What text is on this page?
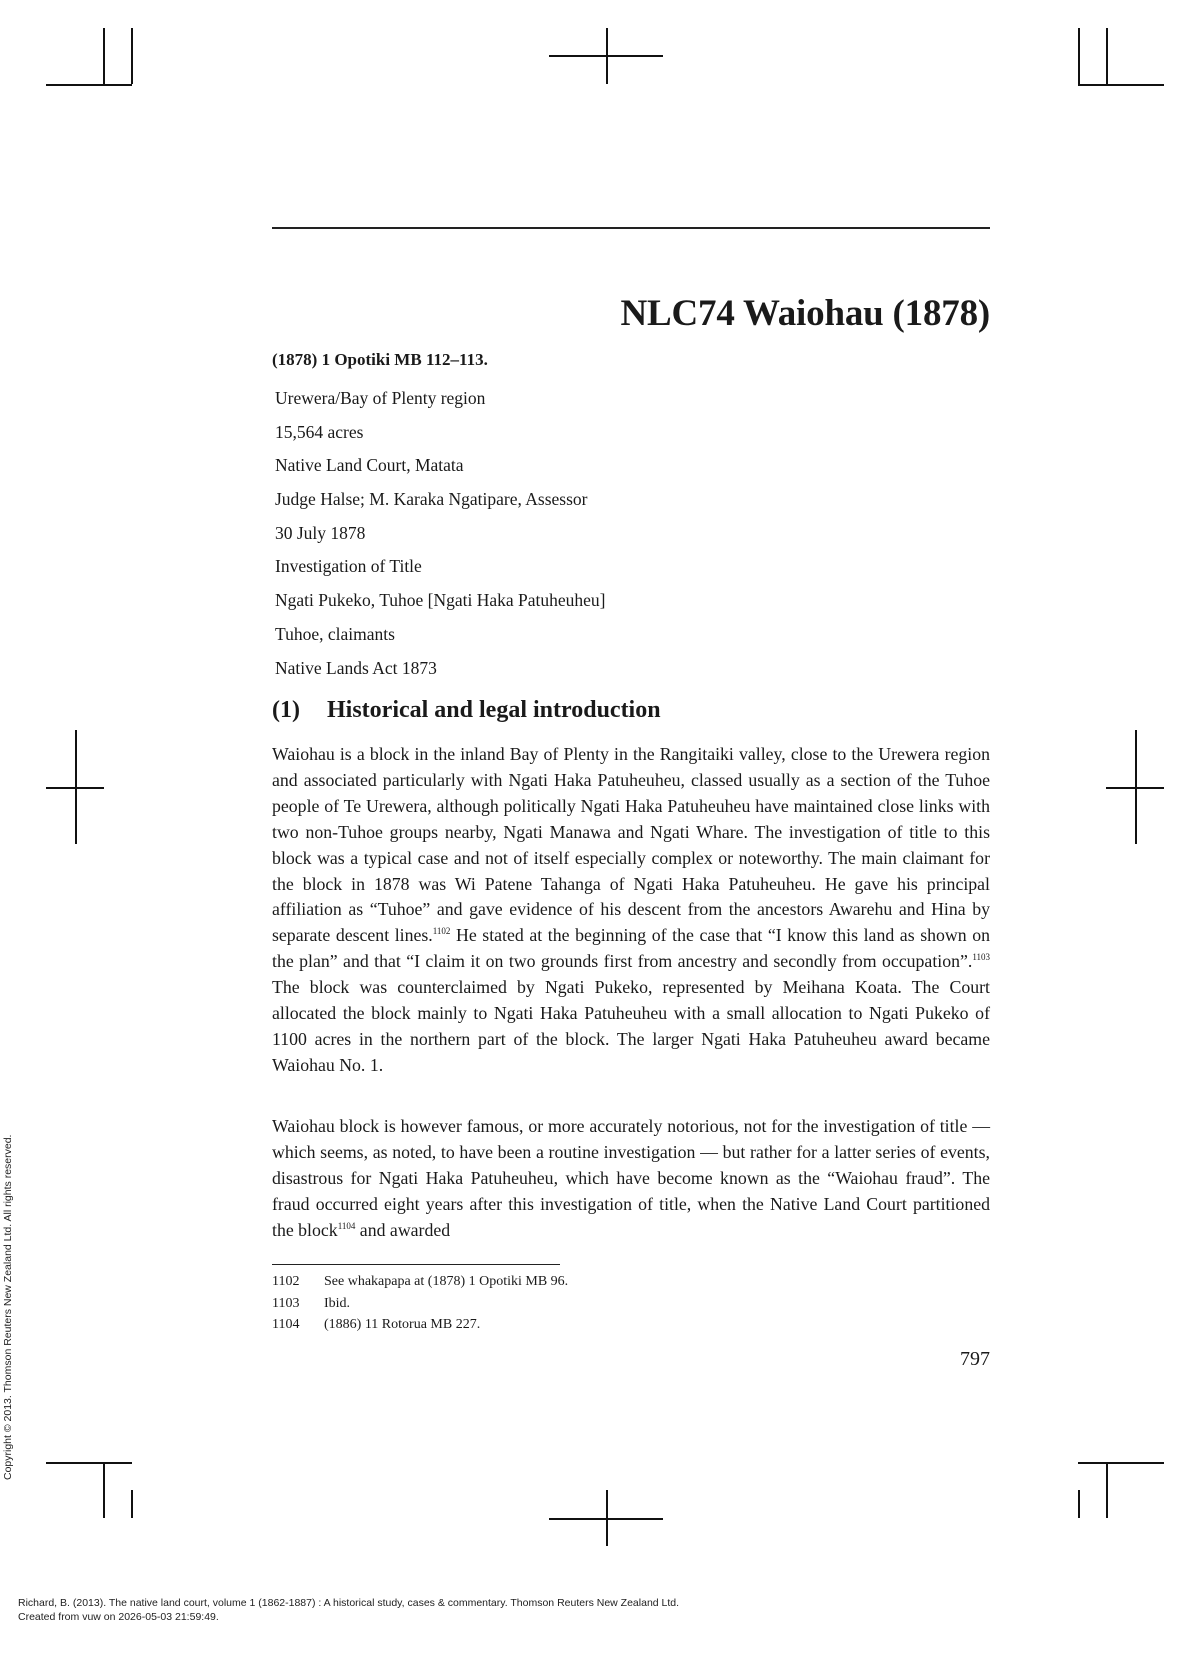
NLC74 Waiohau (1878)
(1878) 1 Opotiki MB 112–113.
Urewera/Bay of Plenty region
15,564 acres
Native Land Court, Matata
Judge Halse; M. Karaka Ngatipare, Assessor
30 July 1878
Investigation of Title
Ngati Pukeko, Tuhoe [Ngati Haka Patuheuheu]
Tuhoe, claimants
Native Lands Act 1873
(1) Historical and legal introduction

Waiohau is a block in the inland Bay of Plenty in the Rangitaiki valley, close to the Urewera region and associated particularly with Ngati Haka Patuheuheu, classed usually as a section of the Tuhoe people of Te Urewera, although politically Ngati Haka Patuheuheu have maintained close links with two non-Tuhoe groups nearby, Ngati Manawa and Ngati Whare. The investigation of title to this block was a typical case and not of itself especially complex or noteworthy. The main claimant for the block in 1878 was Wi Patene Tahanga of Ngati Haka Patuheuheu. He gave his principal affiliation as “Tuhoe” and gave evidence of his descent from the ancestors Awarehu and Hina by separate descent lines.$^{1102}$ He stated at the beginning of the case that “I know this land as shown on the plan” and that “I claim it on two grounds first from ancestry and secondly from occupation”.$^{1103}$ The block was counterclaimed by Ngati Pukeko, represented by Meihana Koata. The Court allocated the block mainly to Ngati Haka Patuheuheu with a small allocation to Ngati Pukeko of 1100 acres in the northern part of the block. The larger Ngati Haka Patuheuheu award became Waiohau No. 1.

Waiohau block is however famous, or more accurately notorious, not for the investigation of title — which seems, as noted, to have been a routine investigation — but rather for a latter series of events, disastrous for Ngati Haka Patuheuheu, which have become known as the “Waiohau fraud”. The fraud occurred eight years after this investigation of title, when the Native Land Court partitioned the block$^{1104}$ and awarded

1102 See whakapapa at (1878) 1 Opotiki MB 96.
1103 Ibid.
1104 (1886) 11 Rotorua MB 227.
797
Copyright © 2013. Thomson Reuters New Zealand Ltd. All rights reserved.
Richard, B. (2013). The native land court, volume 1 (1862-1887) : A historical study, cases & commentary. Thomson Reuters New Zealand Ltd.
Created from vuw on 2026-05-03 21:59:49.
